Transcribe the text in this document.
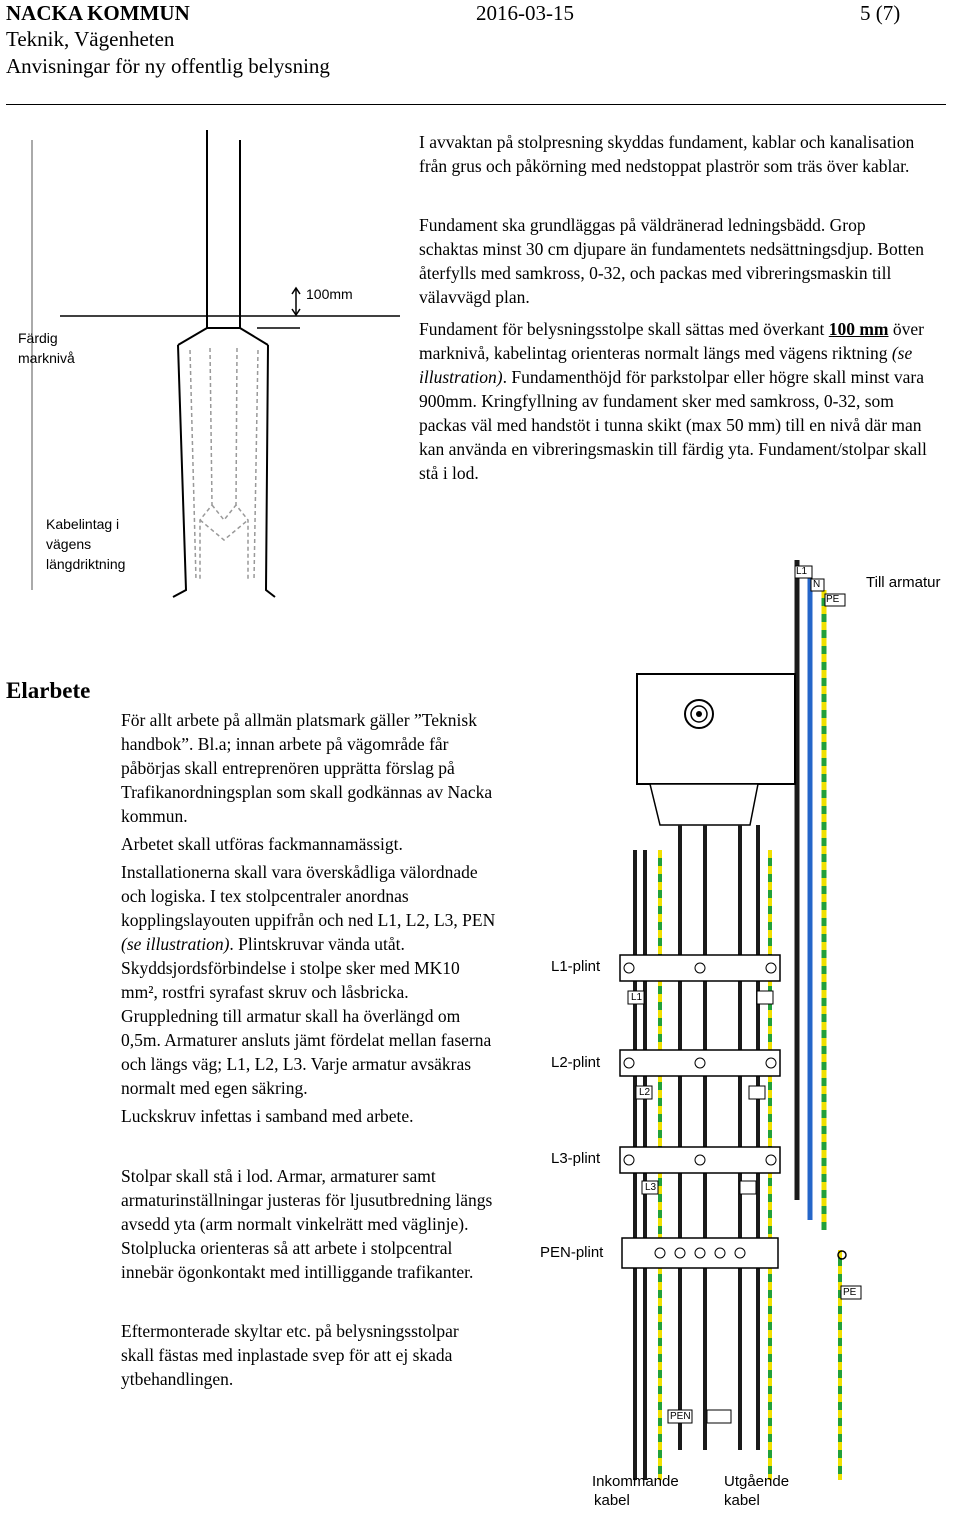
NACKA KOMMUN	2016-03-15	5 (7)
Teknik, Vägenheten
Anvisningar för ny offentlig belysning
100mm
Färdig
marknivå
Kabelintag i
vägens
längdriktning

I avvaktan på stolpresning skyddas fundament, kablar och kanalisation från grus och påkörning med nedstoppat plaströr som träs över kablar.

Fundament ska grundläggas på väldränerad ledningsbädd. Grop schaktas minst 30 cm djupare än fundamentets nedsättningsdjup. Botten återfylls med samkross, 0-32, och packas med vibreringsmaskin till välavvägd plan.

Fundament för belysningsstolpe skall sättas med överkant 100 mm över marknivå, kabelintag orienteras normalt längs med vägens riktning (se illustration). Fundamenthöjd för parkstolpar eller högre skall minst vara 900mm. Kringfyllning av fundament sker med samkross, 0-32, som packas väl med handstöt i tunna skikt (max 50 mm) till en nivå där man kan använda en vibreringsmaskin till färdig yta. Fundament/stolpar skall stå i lod.

Elarbete

För allt arbete på allmän platsmark gäller ”Teknisk handbok”. Bl.a; innan arbete på vägområde får påbörjas skall entreprenören upprätta förslag på Trafikanordningsplan som skall godkännas av Nacka kommun.

Arbetet skall utföras fackmannamässigt.

Installationerna skall vara överskådliga välordnade och logiska. I tex stolpcentraler anordnas kopplingslayouten uppifrån och ned L1, L2, L3, PEN (se illustration). Plintskruvar vända utåt. Skyddsjordsförbindelse i stolpe sker med MK10 mm², rostfri syrafast skruv och låsbricka. Gruppledning till armatur skall ha överlängd om 0,5m. Armaturer ansluts jämt fördelat mellan faserna och längs väg; L1, L2, L3. Varje armatur avsäkras normalt med egen säkring.

Luckskruv infettas i samband med arbete.

Stolpar skall stå i lod. Armar, armaturer samt armaturinställningar justeras för ljusutbredning längs avsedd yta (arm normalt vinkelrätt med väglinje). Stolplucka orienteras så att arbete i stolpcentral innebär ögonkontakt med intilliggande trafikanter.

Eftermonterade skyltar etc. på belysningsstolpar skall fästas med inplastade svep för att ej skada ytbehandlingen.

L1
N
PE
Till armatur
L1-plint
L2-plint
L3-plint
PEN-plint
L1
L2
L3
PE
PEN
Inkommande
kabel
Utgående
kabel
